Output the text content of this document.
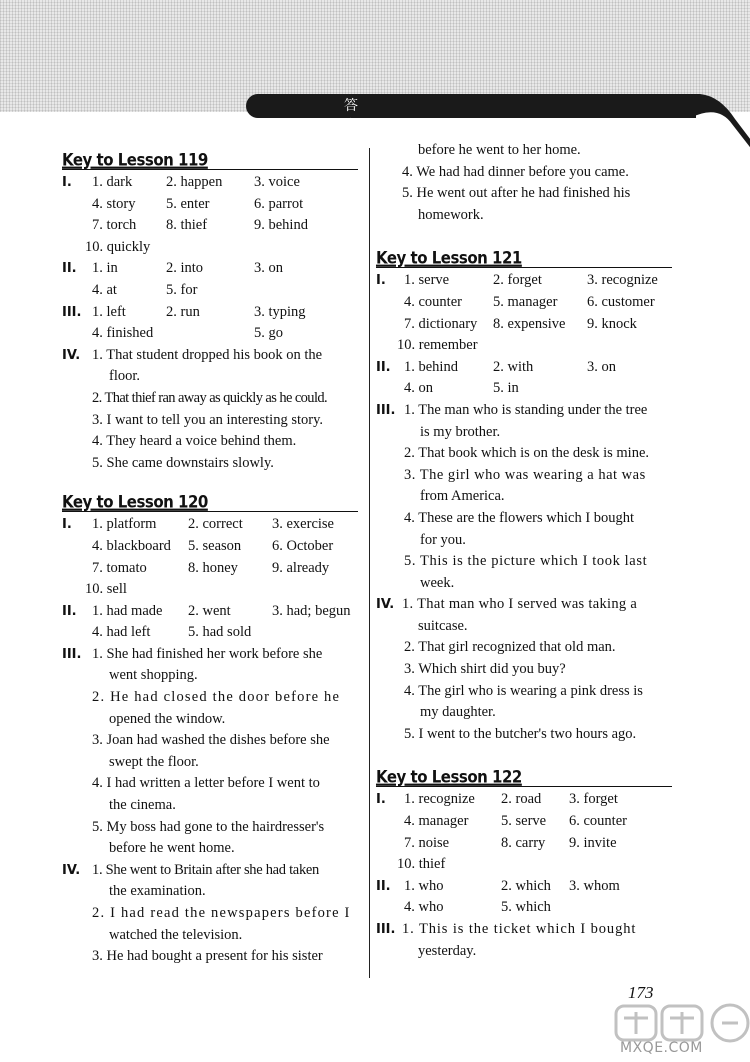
答 案
Key to Lesson 119
I. 1. dark	2. happen	3. voice
4. story	5. enter	6. parrot
7. torch	8. thief	9. behind
10. quickly
II. 1. in	2. into	3. on
4. at	5. for
III. 1. left	2. run	3. typing
4. finished	5. go
IV. 1. That student dropped his book on the
floor.
2. That thief ran away as quickly as he could.
3. I want to tell you an interesting story.
4. They heard a voice behind them.
5. She came downstairs slowly.
Key to Lesson 120
I. 1. platform	2. correct	3. exercise
4. blackboard	5. season	6. October
7. tomato	8. honey	9. already
10. sell
II. 1. had made	2. went	3. had; begun
4. had left	5. had sold
III. 1. She had finished her work before she
went shopping.
2. He had closed the door before he
opened the window.
3. Joan had washed the dishes before she
swept the floor.
4. I had written a letter before I went to
the cinema.
5. My boss had gone to the hairdresser's
before he went home.
IV. 1. She went to Britain after she had taken
the examination.
2. I had read the newspapers before I
watched the television.
3. He had bought a present for his sister
before he went to her home.
4. We had had dinner before you came.
5. He went out after he had finished his
homework.
Key to Lesson 121
I. 1. serve	2. forget	3. recognize
4. counter	5. manager	6. customer
7. dictionary	8. expensive	9. knock
10. remember
II. 1. behind	2. with	3. on
4. on	5. in
III. 1. The man who is standing under the tree
is my brother.
2. That book which is on the desk is mine.
3. The girl who was wearing a hat was
from America.
4. These are the flowers which I bought
for you.
5. This is the picture which I took last
week.
IV. 1. That man who I served was taking a
suitcase.
2. That girl recognized that old man.
3. Which shirt did you buy?
4. The girl who is wearing a pink dress is
my daughter.
5. I went to the butcher's two hours ago.
Key to Lesson 122
I. 1. recognize	2. road	3. forget
4. manager	5. serve	6. counter
7. noise	8. carry	9. invite
10. thief
II. 1. who	2. which	3. whom
4. who	5. which
III. 1. This is the ticket which I bought
yesterday.
173
MXQE.COM
